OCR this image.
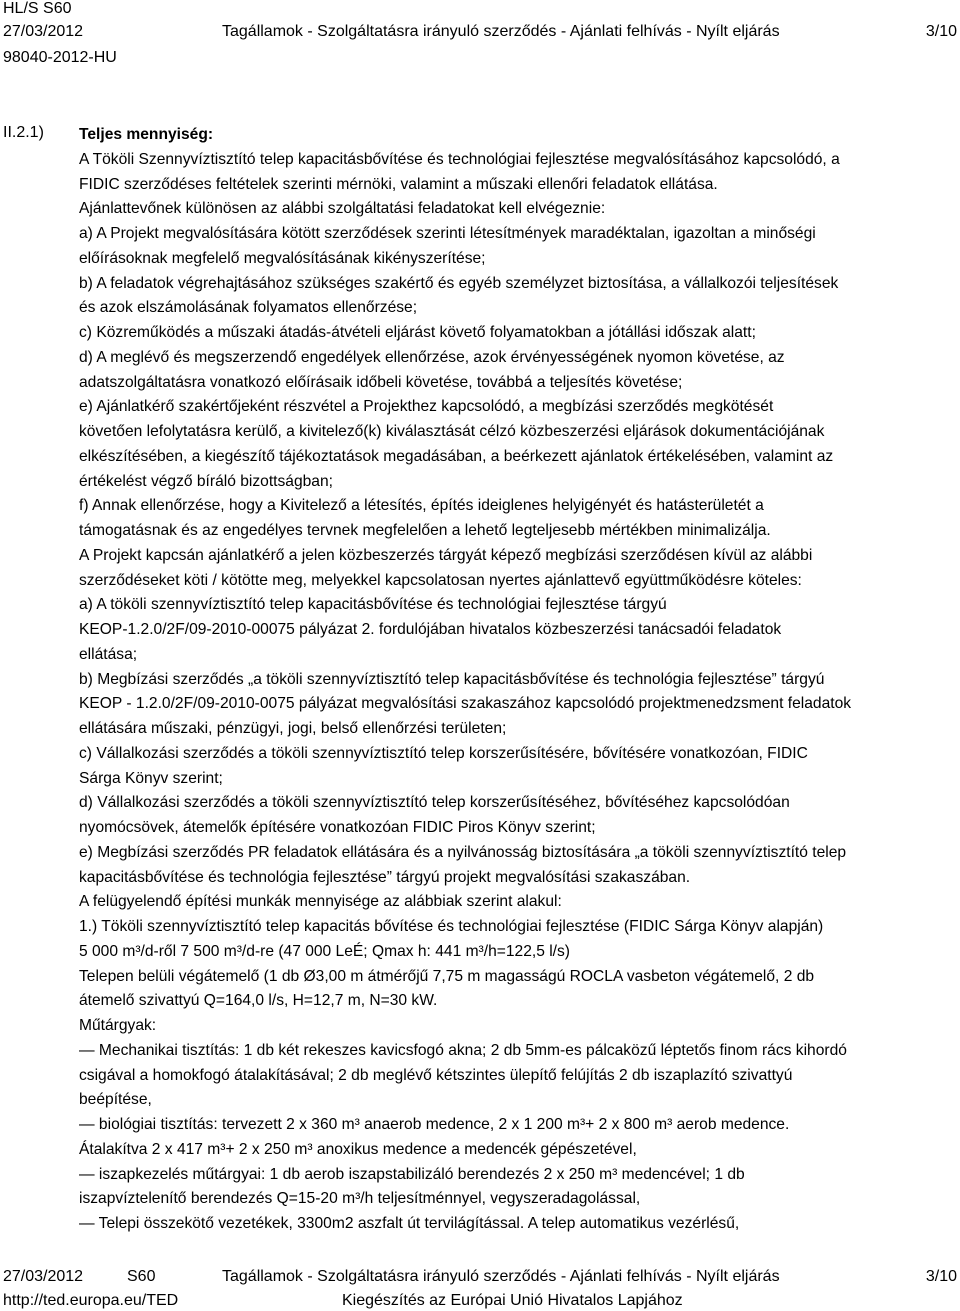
HL/S S60
27/03/2012	Tagállamok - Szolgáltatásra irányuló szerződés - Ajánlati felhívás - Nyílt eljárás	3/10
98040-2012-HU
II.2.1) Teljes mennyiség:
A Tököli Szennyvíztisztító telep kapacitásbővítése és technológiai fejlesztése megvalósításához kapcsolódó, a
FIDIC szerződéses feltételek szerinti mérnöki, valamint a műszaki ellenőri feladatok ellátása.
Ajánlattevőnek különösen az alábbi szolgáltatási feladatokat kell elvégeznie:
a) A Projekt megvalósítására kötött szerződések szerinti létesítmények maradéktalan, igazoltan a minőségi
előírásoknak megfelelő megvalósításának kikényszerítése;
b) A feladatok végrehajtásához szükséges szakértő és egyéb személyzet biztosítása, a vállalkozói teljesítések
és azok elszámolásának folyamatos ellenőrzése;
c) Közreműködés a műszaki átadás-átvételi eljárást követő folyamatokban a jótállási időszak alatt;
d) A meglévő és megszerzendő engedélyek ellenőrzése, azok érvényességének nyomon követése, az
adatszolgáltatásra vonatkozó előírásaik időbeli követése, továbbá a teljesítés követése;
e) Ajánlatkérő szakértőjeként részvétel a Projekthez kapcsolódó, a megbízási szerződés megkötését
követően lefolytatásra kerülő, a kivitelező(k) kiválasztását célzó közbeszerzési eljárások dokumentációjának
elkészítésében, a kiegészítő tájékoztatások megadásában, a beérkezett ajánlatok értékelésében, valamint az
értékelést végző bíráló bizottságban;
f) Annak ellenőrzése, hogy a Kivitelező a létesítés, építés ideiglenes helyigényét és hatásterületét a
támogatásnak és az engedélyes tervnek megfelelően a lehető legteljesebb mértékben minimalizálja.
A Projekt kapcsán ajánlatkérő a jelen közbeszerzés tárgyát képező megbízási szerződésen kívül az alábbi
szerződéseket köti / kötötte meg, melyekkel kapcsolatosan nyertes ajánlattevő együttműködésre köteles:
a) A tököli szennyvíztisztító telep kapacitásbővítése és technológiai fejlesztése tárgyú
KEOP-1.2.0/2F/09-2010-00075 pályázat 2. fordulójában hivatalos közbeszerzési tanácsadói feladatok
ellátása;
b) Megbízási szerződés „a tököli szennyvíztisztító telep kapacitásbővítése és technológia fejlesztése” tárgyú
KEOP - 1.2.0/2F/09-2010-0075 pályázat megvalósítási szakaszához kapcsolódó projektmenedzsment feladatok
ellátására műszaki, pénzügyi, jogi, belső ellenőrzési területen;
c) Vállalkozási szerződés a tököli szennyvíztisztító telep korszerűsítésére, bővítésére vonatkozóan, FIDIC
Sárga Könyv szerint;
d) Vállalkozási szerződés a tököli szennyvíztisztító telep korszerűsítéséhez, bővítéséhez kapcsolódóan
nyomócsövek, átemelők építésére vonatkozóan FIDIC Piros Könyv szerint;
e) Megbízási szerződés PR feladatok ellátására és a nyilvánosság biztosítására „a tököli szennyvíztisztító telep
kapacitásbővítése és technológia fejlesztése” tárgyú projekt megvalósítási szakaszában.
A felügyelendő építési munkák mennyisége az alábbiak szerint alakul:
1.) Tököli szennyvíztisztító telep kapacitás bővítése és technológiai fejlesztése (FIDIC Sárga Könyv alapján)
5 000 m³/d-ről 7 500 m³/d-re (47 000 LeÉ; Qmax h: 441 m³/h=122,5 l/s)
Telepen belüli végátemelő (1 db Ø3,00 m átmérőjű 7,75 m magasságú ROCLA vasbeton végátemelő, 2 db
átemelő szivattyú Q=164,0 l/s, H=12,7 m, N=30 kW.
Műtárgyak:
— Mechanikai tisztítás: 1 db két rekeszes kavicsfogó akna; 2 db 5mm-es pálcaközű léptetős finom rács kihordó
csigával a homokfogó átalakításával; 2 db meglévő kétszintes ülepítő felújítás 2 db iszaplazító szivattyú
beépítése,
— biológiai tisztítás: tervezett 2 x 360 m³ anaerob medence, 2 x 1 200 m³+ 2 x 800 m³ aerob medence.
Átalakítva 2 x 417 m³+ 2 x 250 m³ anoxikus medence a medencék gépészetével,
— iszapkezelés műtárgyai: 1 db aerob iszapstabilizáló berendezés 2 x 250 m³ medencével; 1 db
iszapvíztelenítő berendezés Q=15-20 m³/h teljesítménnyel, vegyszeradagolással,
— Telepi összekötő vezetékek, 3300m2 aszfalt út tervilágítással. A telep automatikus vezérlésű,
27/03/2012	S60	Tagállamok - Szolgáltatásra irányuló szerződés - Ajánlati felhívás - Nyílt eljárás	3/10
http://ted.europa.eu/TED	Kiegészítés az Európai Unió Hivatalos Lapjához
